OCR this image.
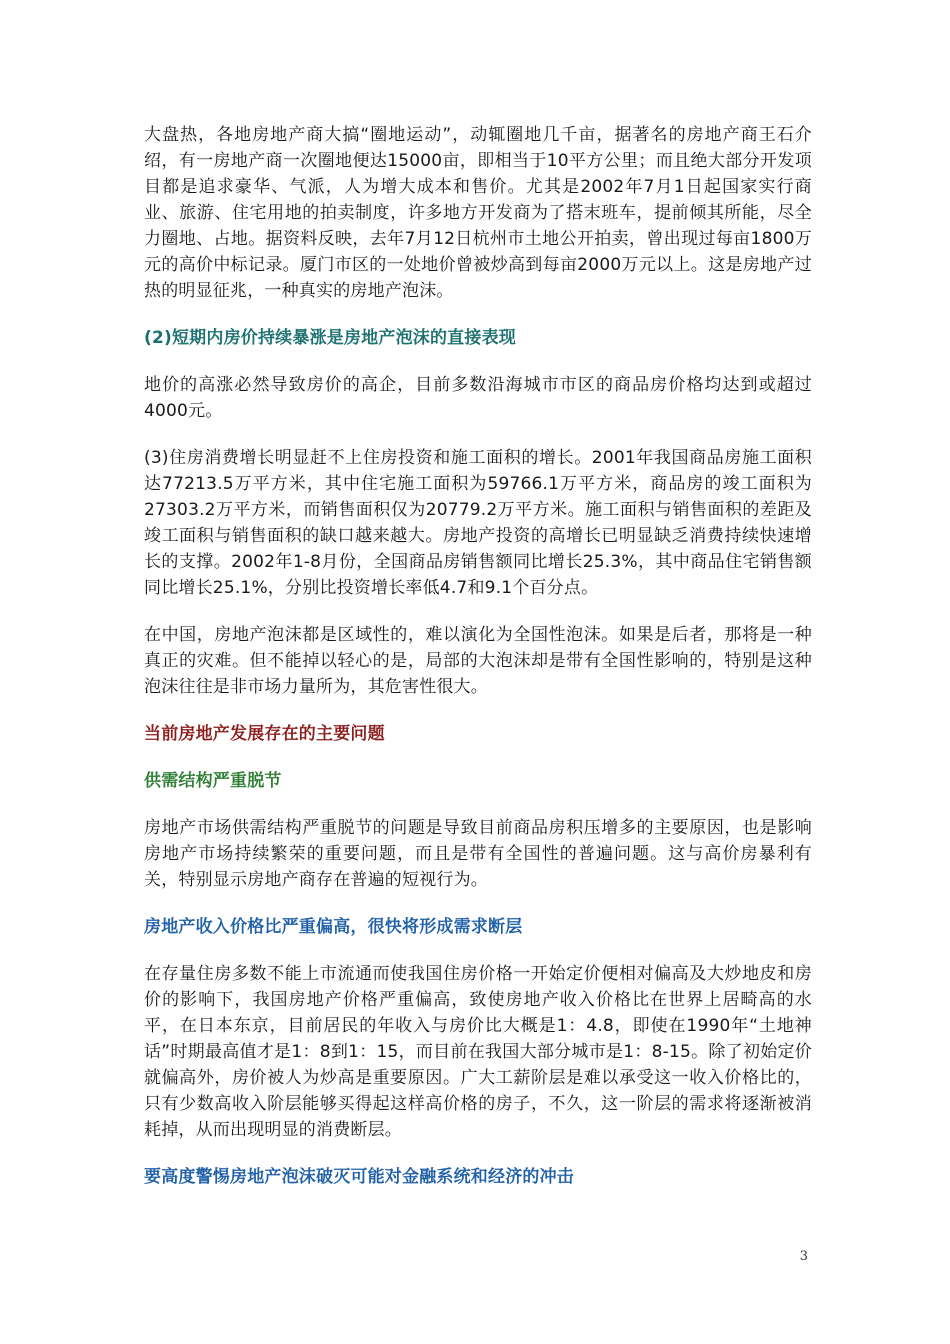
大盘热，各地房地产商大搞“圈地运动”，动辄圈地几千亩，据著名的房地产商王石介绍，有一房地产商一次圈地便达15000亩，即相当于10平方公里；而且绝大部分开发项目都是追求豪华、气派，人为增大成本和售价。尤其是2002年7月1日起国家实行商业、旅游、住宅用地的拍卖制度，许多地方开发商为了搭末班车，提前倾其所能，尽全力圈地、占地。据资料反映，去年7月12日杭州市土地公开拍卖，曾出现过每亩1800万元的高价中标记录。厦门市区的一处地价曾被炒高到每亩2000万元以上。这是房地产过热的明显征兆，一种真实的房地产泡沫。

(2)短期内房价持续暴涨是房地产泡沫的直接表现

地价的高涨必然导致房价的高企，目前多数沿海城市市区的商品房价格均达到或超过4000元。

(3)住房消费增长明显赶不上住房投资和施工面积的增长。2001年我国商品房施工面积达77213.5万平方米，其中住宅施工面积为59766.1万平方米，商品房的竣工面积为27303.2万平方米，而销售面积仅为20779.2万平方米。施工面积与销售面积的差距及竣工面积与销售面积的缺口越来越大。房地产投资的高增长已明显缺乏消费持续快速增长的支撑。2002年1-8月份，全国商品房销售额同比增长25.3%，其中商品住宅销售额同比增长25.1%，分别比投资增长率低4.7和9.1个百分点。

在中国，房地产泡沫都是区域性的，难以演化为全国性泡沫。如果是后者，那将是一种真正的灾难。但不能掉以轻心的是，局部的大泡沫却是带有全国性影响的，特别是这种泡沫往往是非市场力量所为，其危害性很大。

当前房地产发展存在的主要问题

供需结构严重脱节

房地产市场供需结构严重脱节的问题是导致目前商品房积压增多的主要原因，也是影响房地产市场持续繁荣的重要问题，而且是带有全国性的普遍问题。这与高价房暴利有关，特别显示房地产商存在普遍的短视行为。

房地产收入价格比严重偏高，很快将形成需求断层

在存量住房多数不能上市流通而使我国住房价格一开始定价便相对偏高及大炒地皮和房价的影响下，我国房地产价格严重偏高，致使房地产收入价格比在世界上居畸高的水平，在日本东京，目前居民的年收入与房价比大概是1：4.8，即使在1990年“土地神话”时期最高值才是1：8到1：15，而目前在我国大部分城市是1：8-15。除了初始定价就偏高外，房价被人为炒高是重要原因。广大工薪阶层是难以承受这一收入价格比的，只有少数高收入阶层能够买得起这样高价格的房子，不久，这一阶层的需求将逐渐被消耗掉，从而出现明显的消费断层。

要高度警惕房地产泡沫破灭可能对金融系统和经济的冲击

3
